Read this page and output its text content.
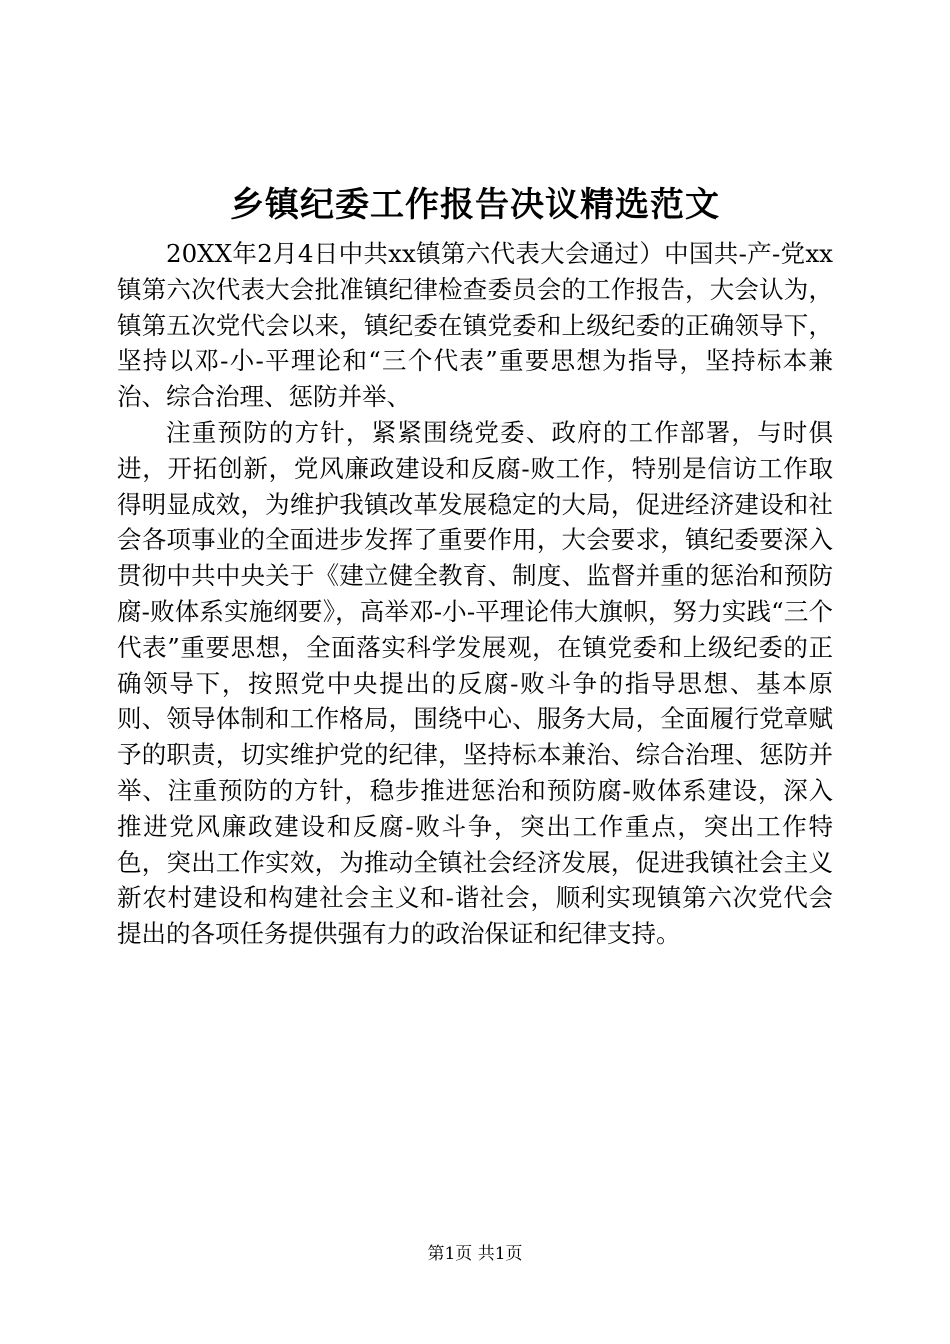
乡镇纪委工作报告决议精选范文

20XX年2月4日中共xx镇第六代表大会通过）中国共-产-党xx镇第六次代表大会批准镇纪律检查委员会的工作报告，大会认为，镇第五次党代会以来，镇纪委在镇党委和上级纪委的正确领导下，坚持以邓-小-平理论和“三个代表”重要思想为指导，坚持标本兼治、综合治理、惩防并举、

注重预防的方针，紧紧围绕党委、政府的工作部署，与时俱进，开拓创新，党风廉政建设和反腐-败工作，特别是信访工作取得明显成效，为维护我镇改革发展稳定的大局，促进经济建设和社会各项事业的全面进步发挥了重要作用，大会要求，镇纪委要深入贯彻中共中央关于《建立健全教育、制度、监督并重的惩治和预防腐-败体系实施纲要》，高举邓-小-平理论伟大旗帜，努力实践“三个代表”重要思想，全面落实科学发展观，在镇党委和上级纪委的正确领导下，按照党中央提出的反腐-败斗争的指导思想、基本原则、领导体制和工作格局，围绕中心、服务大局，全面履行党章赋予的职责，切实维护党的纪律，坚持标本兼治、综合治理、惩防并举、注重预防的方针，稳步推进惩治和预防腐-败体系建设，深入推进党风廉政建设和反腐-败斗争，突出工作重点，突出工作特色，突出工作实效，为推动全镇社会经济发展，促进我镇社会主义新农村建设和构建社会主义和-谐社会，顺利实现镇第六次党代会提出的各项任务提供强有力的政治保证和纪律支持。

第1页 共1页
